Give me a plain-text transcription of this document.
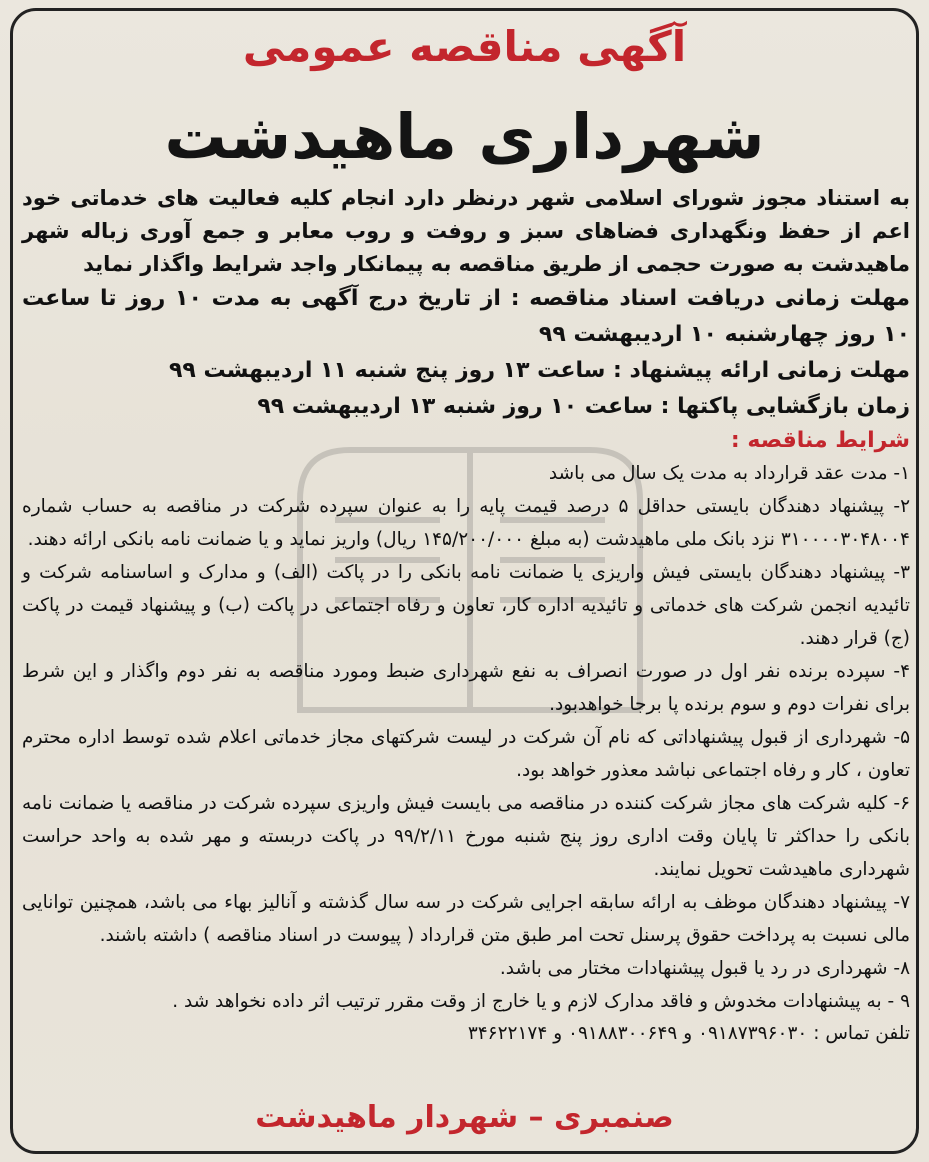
آگهی مناقصه عمومی
شهرداری ماهیدشت
به استناد مجوز شورای اسلامی شهر درنظر دارد انجام کلیه فعالیت های خدماتی خود اعم از حفظ ونگهداری فضاهای سبز و روفت و روب معابر و جمع آوری زباله شهر ماهیدشت به صورت حجمی از طریق مناقصه به پیمانکار واجد شرایط واگذار نماید
مهلت زمانی دریافت اسناد مناقصه : از تاریخ درج آگهی به مدت ۱۰ روز تا ساعت ۱۰ روز چهارشنبه ۱۰ اردیبهشت ۹۹
مهلت زمانی ارائه پیشنهاد : ساعت ۱۳ روز پنج شنبه ۱۱ اردیبهشت ۹۹
زمان بازگشایی پاکتها : ساعت ۱۰ روز شنبه ۱۳ اردیبهشت ۹۹
شرایط مناقصه :
۱- مدت عقد قرارداد به مدت یک سال می باشد
۲- پیشنهاد دهندگان بایستی حداقل ۵ درصد قیمت پایه را به عنوان سپرده شرکت در مناقصه به حساب شماره ۳۱۰۰۰۰۳۰۴۸۰۰۴ نزد بانک ملی ماهیدشت (به مبلغ ۱۴۵/۲۰۰/۰۰۰ ریال) واریز نماید و یا ضمانت نامه بانکی ارائه دهند.
۳- پیشنهاد دهندگان بایستی فیش واریزی یا ضمانت نامه بانکی را در پاکت (الف) و مدارک و اساسنامه شرکت و تائیدیه انجمن شرکت های خدماتی و تائیدیه اداره کار، تعاون و رفاه اجتماعی در پاکت (ب) و پیشنهاد قیمت در پاکت (ج) قرار دهند.
۴- سپرده برنده نفر اول در صورت انصراف به نفع شهرداری ضبط ومورد مناقصه به نفر دوم واگذار و این شرط برای نفرات دوم و سوم برنده پا برجا خواهدبود.
۵- شهرداری از قبول پیشنهاداتی که نام آن شرکت در لیست شرکتهای مجاز خدماتی اعلام شده توسط اداره محترم تعاون ، کار و رفاه اجتماعی نباشد معذور خواهد بود.
۶- کلیه شرکت های مجاز شرکت کننده در مناقصه می بایست فیش واریزی سپرده شرکت در مناقصه یا ضمانت نامه بانکی را حداکثر تا پایان وقت اداری روز پنج شنبه مورخ ۹۹/۲/۱۱ در پاکت دربسته و مهر شده به واحد حراست شهرداری ماهیدشت تحویل نمایند.
۷- پیشنهاد دهندگان موظف به ارائه سابقه اجرایی شرکت در سه سال گذشته و آنالیز بهاء می باشد، همچنین توانایی مالی نسبت به پرداخت حقوق پرسنل تحت امر طبق متن قرارداد ( پیوست در اسناد مناقصه ) داشته باشند.
۸- شهرداری در رد یا قبول پیشنهادات مختار می باشد.
۹ - به پیشنهادات مخدوش و فاقد مدارک لازم و یا خارج از وقت مقرر ترتیب اثر داده نخواهد شد .
تلفن تماس : ۰۹۱۸۷۳۹۶۰۳۰ و ۰۹۱۸۸۳۰۰۶۴۹ و ۳۴۶۲۲۱۷۴
صنمبری – شهردار ماهیدشت
